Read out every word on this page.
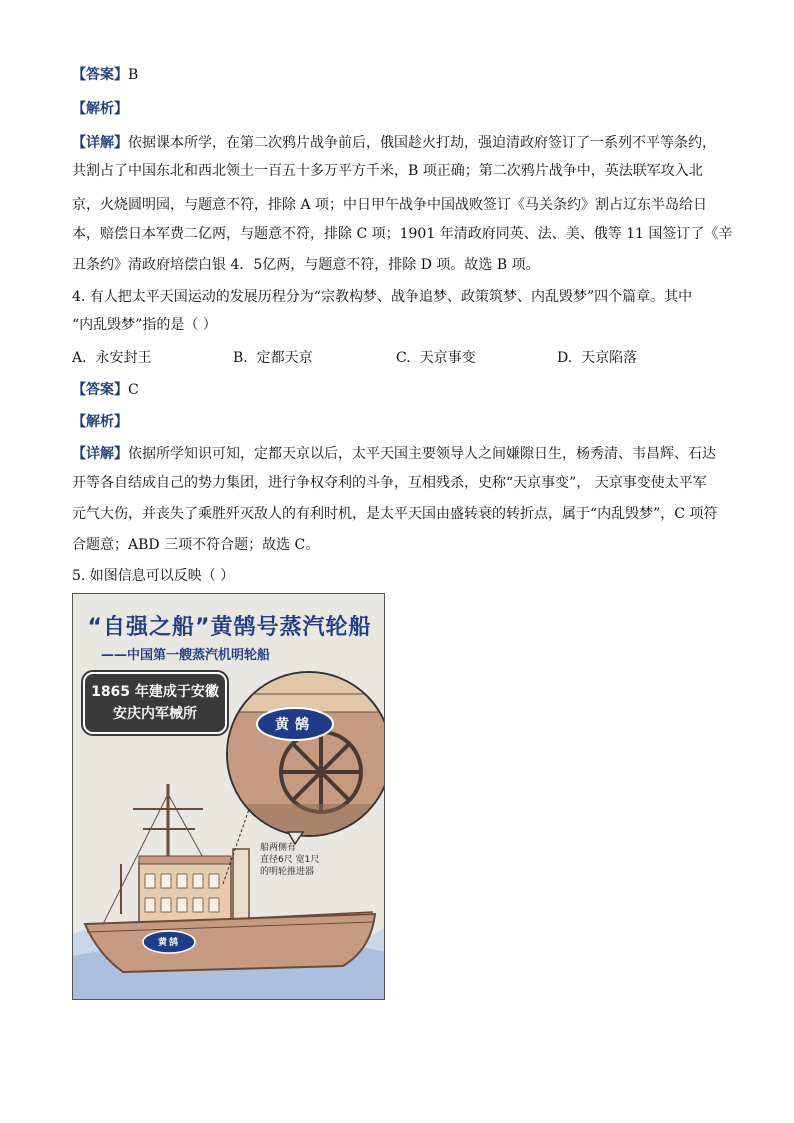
【答案】B
【解析】
【详解】依据课本所学，在第二次鸦片战争前后，俄国趁火打劫，强迫清政府签订了一系列不平等条约，
共割占了中国东北和西北领土一百五十多万平方千米，B 项正确；第二次鸦片战争中，英法联军攻入北
京，火烧圆明园，与题意不符，排除 A 项；中日甲午战争中国战败签订《马关条约》割占辽东半岛给日
本，赔偿日本军费二亿两，与题意不符，排除 C 项；1901 年清政府同英、法、美、俄等 11 国签订了《辛
丑条约》清政府培偿白银 4．5亿两，与题意不符，排除 D 项。故选 B 项。
4. 有人把太平天国运动的发展历程分为“宗教构梦、战争追梦、政策筑梦、内乱毁梦”四个篇章。其中
“内乱毁梦”指的是（ ）
A. 永安封王	B. 定都天京	C. 天京事变	D. 天京陷落
【答案】C
【解析】
【详解】依据所学知识可知，定都天京以后，太平天国主要领导人之间嫌隙日生，杨秀清、韦昌辉、石达
开等各自结成自己的势力集团，进行争权夺利的斗争，互相残杀，史称“天京事变”， 天京事变使太平军
元气大伤，并丧失了乘胜歼灭敌人的有利时机，是太平天国由盛转衰的转折点，属于“内乱毁梦”，C 项符
合题意；ABD 三项不符合题；故选 C。
5. 如图信息可以反映（ ）
“自强之船”黄鹄号蒸汽轮船
——中国第一艘蒸汽机明轮船
1865 年建成于安徽安庆内军械所
黄鹄
黄鹄
船两侧有
直径6尺 宽1尺
的明轮推进器
